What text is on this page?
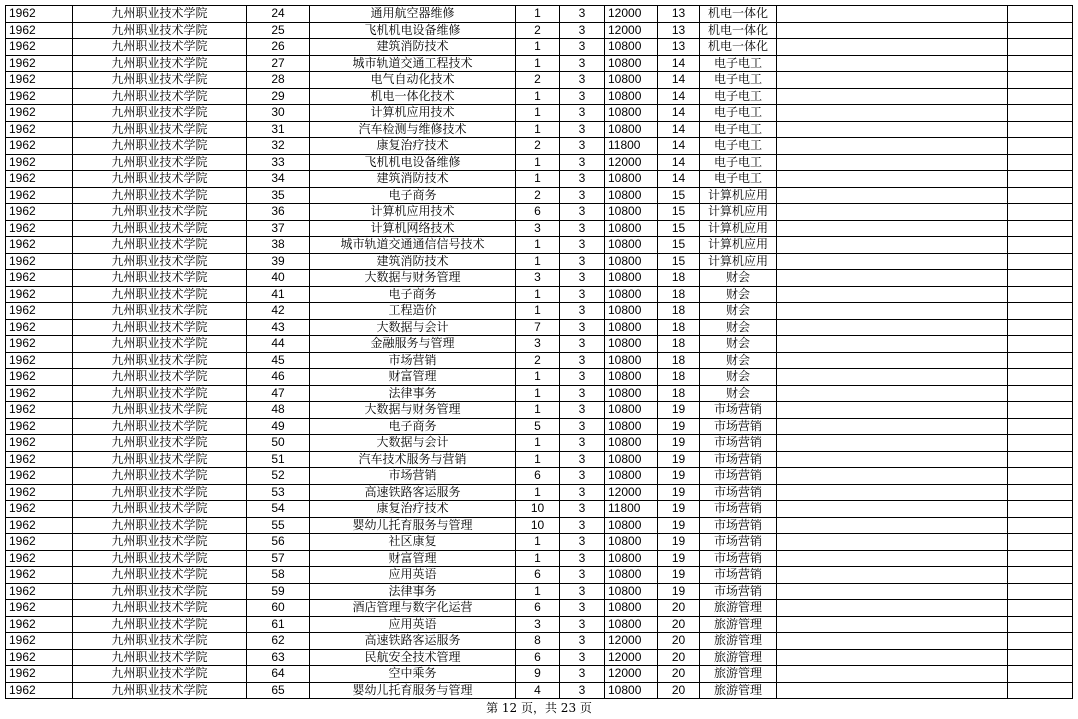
1962	九州职业技术学院	24	通用航空器维修	1	3	12000	13	机电一体化				
1962	九州职业技术学院	25	飞机机电设备维修	2	3	12000	13	机电一体化				
1962	九州职业技术学院	26	建筑消防技术	1	3	10800	13	机电一体化				
1962	九州职业技术学院	27	城市轨道交通工程技术	1	3	10800	14	电子电工				
1962	九州职业技术学院	28	电气自动化技术	2	3	10800	14	电子电工				
1962	九州职业技术学院	29	机电一体化技术	1	3	10800	14	电子电工				
1962	九州职业技术学院	30	计算机应用技术	1	3	10800	14	电子电工				
1962	九州职业技术学院	31	汽车检测与维修技术	1	3	10800	14	电子电工				
1962	九州职业技术学院	32	康复治疗技术	2	3	11800	14	电子电工				
1962	九州职业技术学院	33	飞机机电设备维修	1	3	12000	14	电子电工				
1962	九州职业技术学院	34	建筑消防技术	1	3	10800	14	电子电工				
1962	九州职业技术学院	35	电子商务	2	3	10800	15	计算机应用				
1962	九州职业技术学院	36	计算机应用技术	6	3	10800	15	计算机应用				
1962	九州职业技术学院	37	计算机网络技术	3	3	10800	15	计算机应用				
1962	九州职业技术学院	38	城市轨道交通通信信号技术	1	3	10800	15	计算机应用				
1962	九州职业技术学院	39	建筑消防技术	1	3	10800	15	计算机应用				
1962	九州职业技术学院	40	大数据与财务管理	3	3	10800	18	财会				
1962	九州职业技术学院	41	电子商务	1	3	10800	18	财会				
1962	九州职业技术学院	42	工程造价	1	3	10800	18	财会				
1962	九州职业技术学院	43	大数据与会计	7	3	10800	18	财会				
1962	九州职业技术学院	44	金融服务与管理	3	3	10800	18	财会				
1962	九州职业技术学院	45	市场营销	2	3	10800	18	财会				
1962	九州职业技术学院	46	财富管理	1	3	10800	18	财会				
1962	九州职业技术学院	47	法律事务	1	3	10800	18	财会				
1962	九州职业技术学院	48	大数据与财务管理	1	3	10800	19	市场营销				
1962	九州职业技术学院	49	电子商务	5	3	10800	19	市场营销				
1962	九州职业技术学院	50	大数据与会计	1	3	10800	19	市场营销				
1962	九州职业技术学院	51	汽车技术服务与营销	1	3	10800	19	市场营销				
1962	九州职业技术学院	52	市场营销	6	3	10800	19	市场营销				
1962	九州职业技术学院	53	高速铁路客运服务	1	3	12000	19	市场营销				
1962	九州职业技术学院	54	康复治疗技术	10	3	11800	19	市场营销				
1962	九州职业技术学院	55	婴幼儿托育服务与管理	10	3	10800	19	市场营销				
1962	九州职业技术学院	56	社区康复	1	3	10800	19	市场营销				
1962	九州职业技术学院	57	财富管理	1	3	10800	19	市场营销				
1962	九州职业技术学院	58	应用英语	6	3	10800	19	市场营销				
1962	九州职业技术学院	59	法律事务	1	3	10800	19	市场营销				
1962	九州职业技术学院	60	酒店管理与数字化运营	6	3	10800	20	旅游管理				
1962	九州职业技术学院	61	应用英语	3	3	10800	20	旅游管理				
1962	九州职业技术学院	62	高速铁路客运服务	8	3	12000	20	旅游管理				
1962	九州职业技术学院	63	民航安全技术管理	6	3	12000	20	旅游管理				
1962	九州职业技术学院	64	空中乘务	9	3	12000	20	旅游管理				
1962	九州职业技术学院	65	婴幼儿托育服务与管理	4	3	10800	20	旅游管理				
第 12 页，共 23 页
